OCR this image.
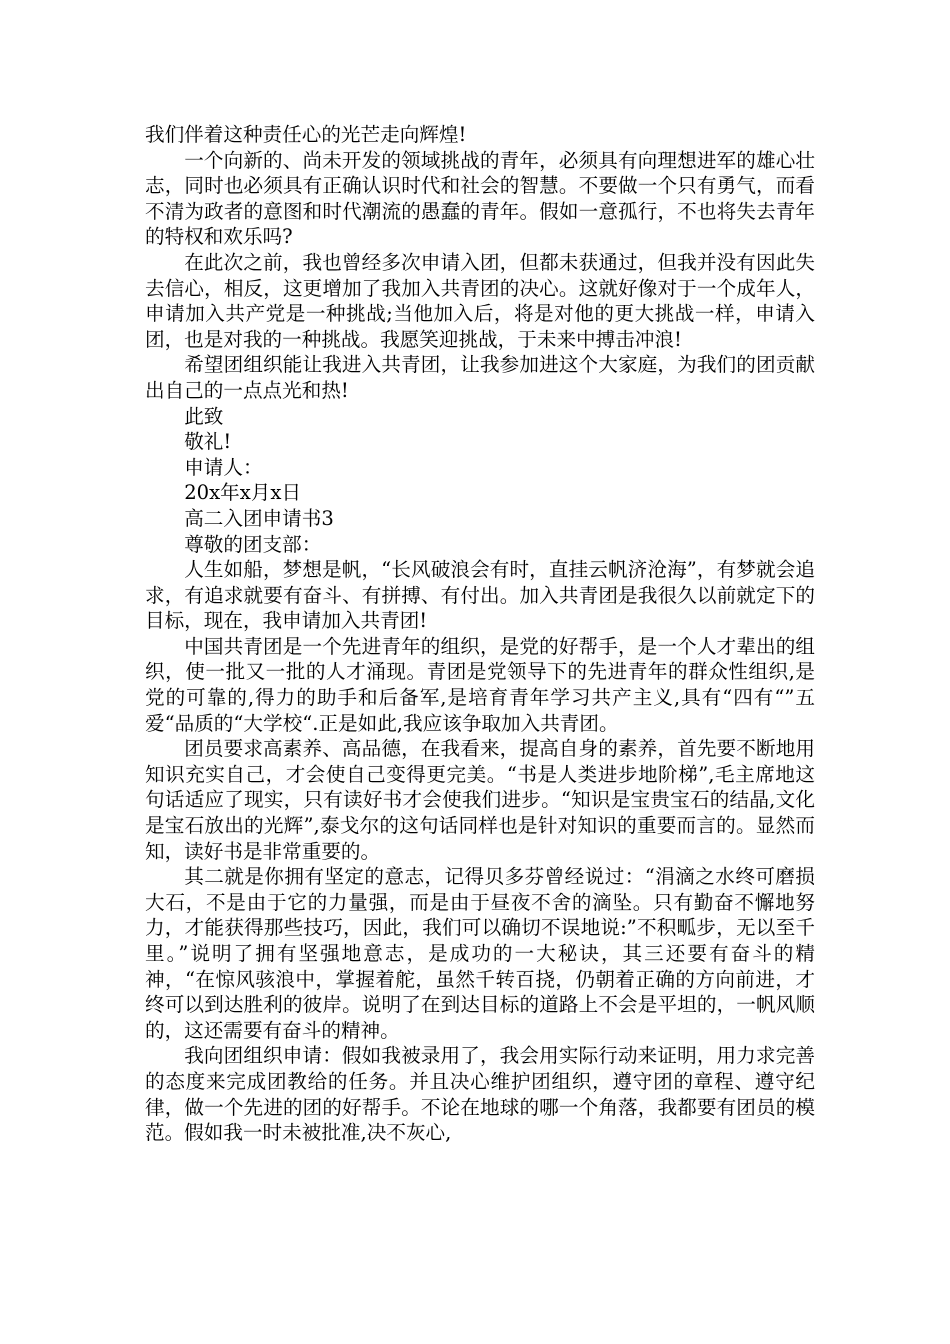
我们伴着这种责任心的光芒走向辉煌!

一个向新的、尚未开发的领域挑战的青年，必须具有向理想进军的雄心壮志，同时也必须具有正确认识时代和社会的智慧。不要做一个只有勇气，而看不清为政者的意图和时代潮流的愚蠢的青年。假如一意孤行，不也将失去青年的特权和欢乐吗?

在此次之前，我也曾经多次申请入团，但都未获通过，但我并没有因此失去信心，相反，这更增加了我加入共青团的决心。这就好像对于一个成年人，申请加入共产党是一种挑战;当他加入后，将是对他的更大挑战一样，申请入团，也是对我的一种挑战。我愿笑迎挑战，于未来中搏击冲浪!

希望团组织能让我进入共青团，让我参加进这个大家庭，为我们的团贡献出自己的一点点光和热!

此致

敬礼!

申请人：

20x年x月x日

高二入团申请书3

尊敬的团支部：

人生如船，梦想是帆，“长风破浪会有时，直挂云帆济沧海”，有梦就会追求，有追求就要有奋斗、有拼搏、有付出。加入共青团是我很久以前就定下的目标，现在，我申请加入共青团!

中国共青团是一个先进青年的组织，是党的好帮手，是一个人才辈出的组织，使一批又一批的人才涌现。青团是党领导下的先进青年的群众性组织,是党的可靠的,得力的助手和后备军,是培育青年学习共产主义,具有“四有“”五爱“品质的“大学校“.正是如此,我应该争取加入共青团。

团员要求高素养、高品德，在我看来，提高自身的素养，首先要不断地用知识充实自己，才会使自己变得更完美。“书是人类进步地阶梯”,毛主席地这句话适应了现实，只有读好书才会使我们进步。“知识是宝贵宝石的结晶,文化是宝石放出的光辉”,泰戈尔的这句话同样也是针对知识的重要而言的。显然而知，读好书是非常重要的。

其二就是你拥有坚定的意志，记得贝多芬曾经说过：“涓滴之水终可磨损大石，不是由于它的力量强，而是由于昼夜不舍的滴坠。只有勤奋不懈地努力，才能获得那些技巧，因此，我们可以确切不误地说:”不积畖步，无以至千里。”说明了拥有坚强地意志，是成功的一大秘诀，其三还要有奋斗的精神，“在惊风骇浪中，掌握着舵，虽然千转百挠，仍朝着正确的方向前进，才终可以到达胜利的彼岸。说明了在到达目标的道路上不会是平坦的，一帆风顺的，这还需要有奋斗的精神。

我向团组织申请：假如我被录用了，我会用实际行动来证明，用力求完善的态度来完成团教给的任务。并且决心维护团组织，遵守团的章程、遵守纪律，做一个先进的团的好帮手。不论在地球的哪一个角落，我都要有团员的模范。假如我一时未被批准,决不灰心,
